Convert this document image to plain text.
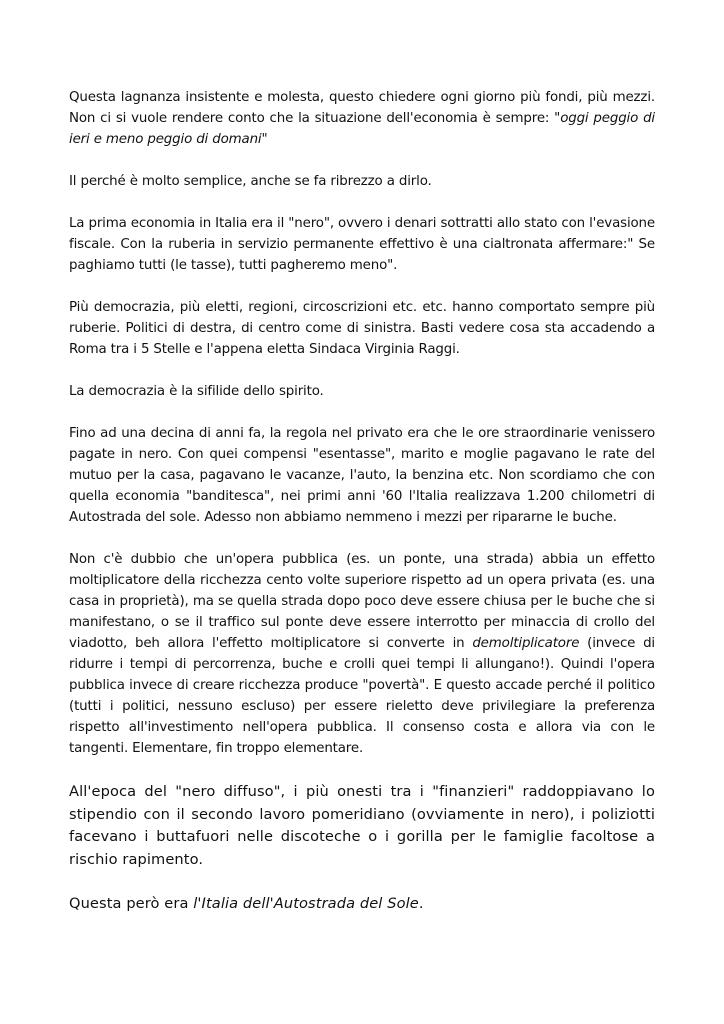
Questa lagnanza insistente e molesta, questo chiedere ogni giorno più fondi, più mezzi. Non ci si vuole rendere conto che la situazione dell'economia è sempre: "oggi peggio di ieri e meno peggio di domani"

Il perché è molto semplice, anche se fa ribrezzo a dirlo.

La prima economia in Italia era il "nero", ovvero i denari sottratti allo stato con l'evasione fiscale. Con la ruberia in servizio permanente effettivo è una cialtronata affermare:" Se paghiamo tutti (le tasse), tutti pagheremo meno".

Più democrazia, più eletti, regioni, circoscrizioni etc. etc. hanno comportato sempre più ruberie. Politici di destra, di centro come di sinistra. Basti vedere cosa sta accadendo a Roma tra i 5 Stelle e l'appena eletta Sindaca Virginia Raggi.

La democrazia è la sifilide dello spirito.

Fino ad una decina di anni fa, la regola nel privato era che le ore straordinarie venissero pagate in nero. Con quei compensi "esentasse", marito e moglie pagavano le rate del mutuo per la casa, pagavano le vacanze, l'auto, la benzina etc. Non scordiamo che con quella economia "banditesca", nei primi anni '60 l'Italia realizzava 1.200 chilometri di Autostrada del sole. Adesso non abbiamo nemmeno i mezzi per ripararne le buche.

Non c'è dubbio che un'opera pubblica (es. un ponte, una strada) abbia un effetto moltiplicatore della ricchezza cento volte superiore rispetto ad un opera privata (es. una casa in proprietà), ma se quella strada dopo poco deve essere chiusa per le buche che si manifestano, o se il traffico sul ponte deve essere interrotto per minaccia di crollo del viadotto, beh allora l'effetto moltiplicatore si converte in demoltiplicatore (invece di ridurre i tempi di percorrenza, buche e crolli quei tempi li allungano!). Quindi l'opera pubblica invece di creare ricchezza produce "povertà". E questo accade perché il politico (tutti i politici, nessuno escluso) per essere rieletto deve privilegiare la preferenza rispetto all'investimento nell'opera pubblica. Il consenso costa e allora via con le tangenti. Elementare, fin troppo elementare.

All'epoca del "nero diffuso", i più onesti tra i "finanzieri" raddoppiavano lo stipendio con il secondo lavoro pomeridiano (ovviamente in nero), i poliziotti facevano i buttafuori nelle discoteche o i gorilla per le famiglie facoltose a rischio rapimento.

Questa però era l'Italia dell'Autostrada del Sole.
